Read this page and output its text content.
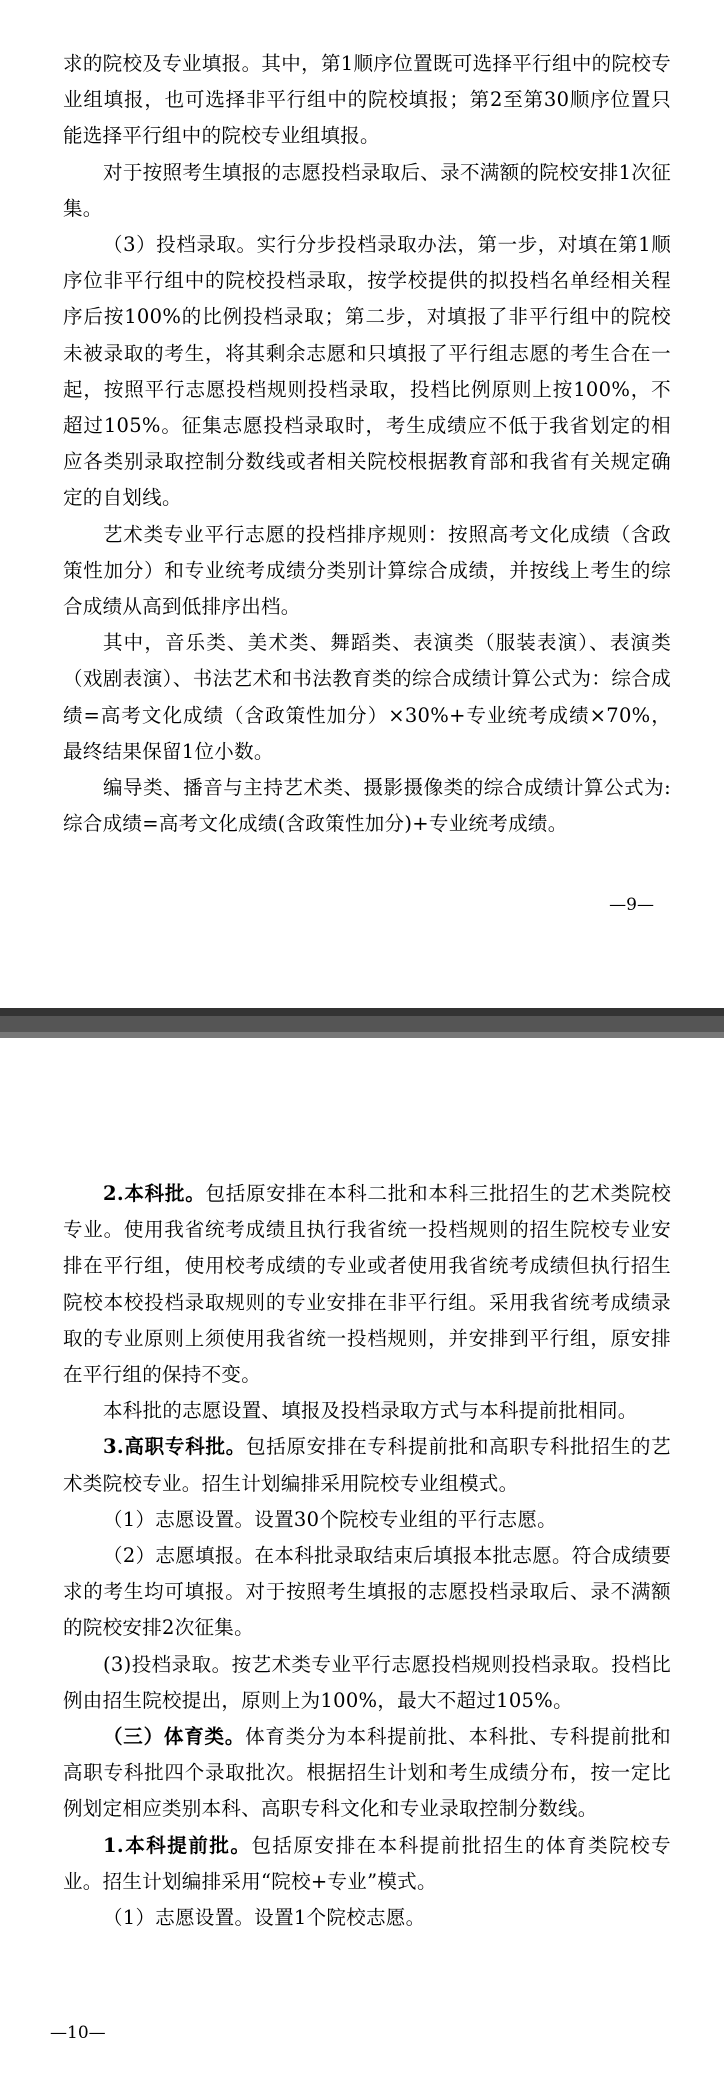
求的院校及专业填报。其中，第1顺序位置既可选择平行组中的院校专业组填报，也可选择非平行组中的院校填报；第2至第30顺序位置只能选择平行组中的院校专业组填报。

对于按照考生填报的志愿投档录取后、录不满额的院校安排1次征集。

（3）投档录取。实行分步投档录取办法，第一步，对填在第1顺序位非平行组中的院校投档录取，按学校提供的拟投档名单经相关程序后按100%的比例投档录取；第二步，对填报了非平行组中的院校未被录取的考生，将其剩余志愿和只填报了平行组志愿的考生合在一起，按照平行志愿投档规则投档录取，投档比例原则上按100%，不超过105%。征集志愿投档录取时，考生成绩应不低于我省划定的相应各类别录取控制分数线或者相关院校根据教育部和我省有关规定确定的自划线。

艺术类专业平行志愿的投档排序规则：按照高考文化成绩（含政策性加分）和专业统考成绩分类别计算综合成绩，并按线上考生的综合成绩从高到低排序出档。

其中，音乐类、美术类、舞蹈类、表演类（服装表演）、表演类（戏剧表演）、书法艺术和书法教育类的综合成绩计算公式为：综合成绩=高考文化成绩（含政策性加分）×30%+专业统考成绩×70%，最终结果保留1位小数。

编导类、播音与主持艺术类、摄影摄像类的综合成绩计算公式为:综合成绩=高考文化成绩(含政策性加分)+专业统考成绩。

—9—

2.本科批。包括原安排在本科二批和本科三批招生的艺术类院校专业。使用我省统考成绩且执行我省统一投档规则的招生院校专业安排在平行组，使用校考成绩的专业或者使用我省统考成绩但执行招生院校本校投档录取规则的专业安排在非平行组。采用我省统考成绩录取的专业原则上须使用我省统一投档规则，并安排到平行组，原安排在平行组的保持不变。

本科批的志愿设置、填报及投档录取方式与本科提前批相同。

3.高职专科批。包括原安排在专科提前批和高职专科批招生的艺术类院校专业。招生计划编排采用院校专业组模式。

（1）志愿设置。设置30个院校专业组的平行志愿。

（2）志愿填报。在本科批录取结束后填报本批志愿。符合成绩要求的考生均可填报。对于按照考生填报的志愿投档录取后、录不满额的院校安排2次征集。

(3)投档录取。按艺术类专业平行志愿投档规则投档录取。投档比例由招生院校提出，原则上为100%，最大不超过105%。

（三）体育类。体育类分为本科提前批、本科批、专科提前批和高职专科批四个录取批次。根据招生计划和考生成绩分布，按一定比例划定相应类别本科、高职专科文化和专业录取控制分数线。

1.本科提前批。包括原安排在本科提前批招生的体育类院校专业。招生计划编排采用“院校+专业”模式。

（1）志愿设置。设置1个院校志愿。

—10—
